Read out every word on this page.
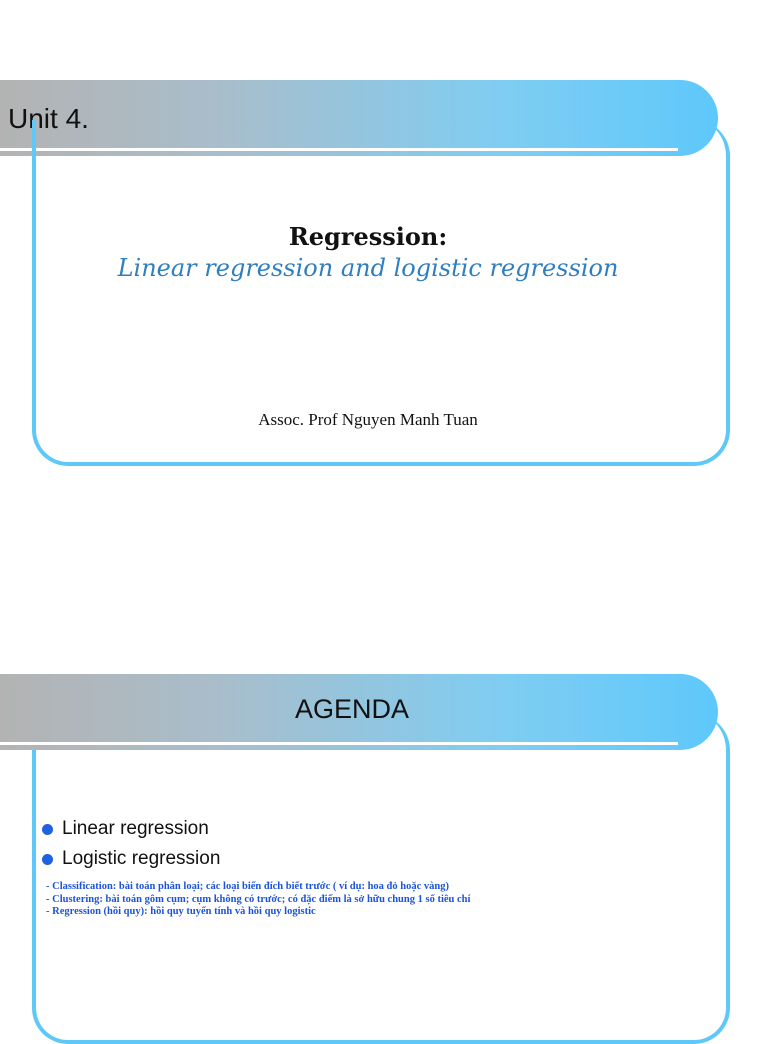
Unit 4.
Regression:
Linear regression and logistic regression
Assoc. Prof Nguyen Manh Tuan
AGENDA
Linear regression
Logistic regression
- Classification: bài toán phân loại; các loại biến đích biết trước ( ví dụ: hoa đỏ hoặc vàng)
- Clustering: bài toán gôm cụm; cụm không có trước; có đặc điểm là sở hữu chung 1 số tiêu chí
- Regression (hồi quy): hồi quy tuyến tính và hồi quy logistic
